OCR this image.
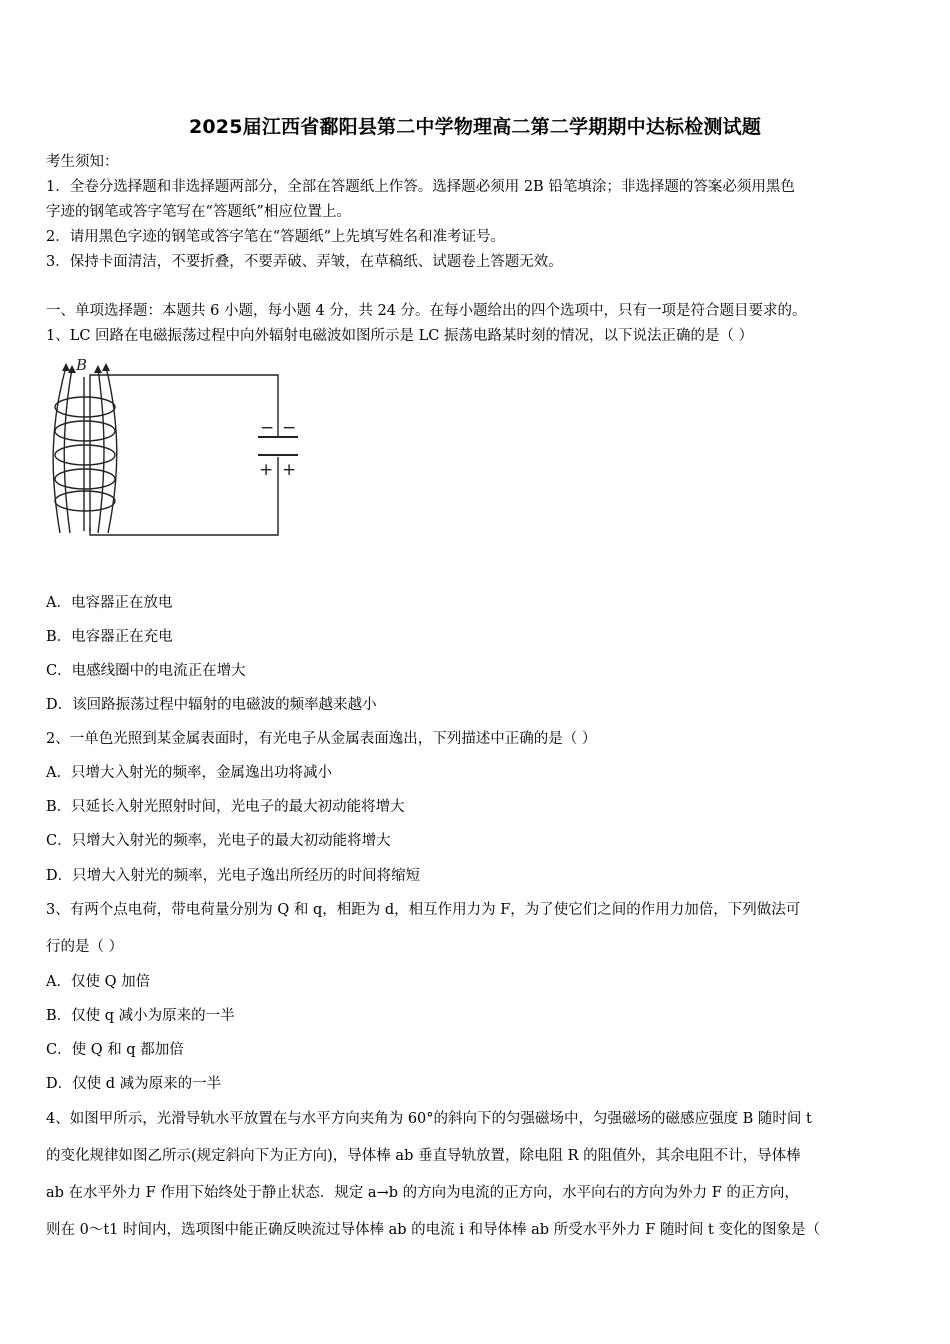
2025届江西省鄱阳县第二中学物理高二第二学期期中达标检测试题
考生须知：
1．全卷分选择题和非选择题两部分，全部在答题纸上作答。选择题必须用 2B 铅笔填涂；非选择题的答案必须用黑色
字迹的钢笔或答字笔写在“答题纸”相应位置上。
2．请用黑色字迹的钢笔或答字笔在“答题纸”上先填写姓名和准考证号。
3．保持卡面清洁，不要折叠，不要弄破、弄皱，在草稿纸、试题卷上答题无效。
一、单项选择题：本题共 6 小题，每小题 4 分，共 24 分。在每小题给出的四个选项中，只有一项是符合题目要求的。
1、LC 回路在电磁振荡过程中向外辐射电磁波如图所示是 LC 振荡电路某时刻的情况，以下说法正确的是（ ）
− −
+ +
B
A．电容器正在放电
B．电容器正在充电
C．电感线圈中的电流正在增大
D．该回路振荡过程中辐射的电磁波的频率越来越小
2、一单色光照到某金属表面时，有光电子从金属表面逸出，下列描述中正确的是（ ）
A．只增大入射光的频率，金属逸出功将减小
B．只延长入射光照射时间，光电子的最大初动能将增大
C．只增大入射光的频率，光电子的最大初动能将增大
D．只增大入射光的频率，光电子逸出所经历的时间将缩短
3、有两个点电荷，带电荷量分别为 Q 和 q，相距为 d，相互作用力为 F，为了使它们之间的作用力加倍，下列做法可
行的是（ ）
A．仅使 Q 加倍
B．仅使 q 减小为原来的一半
C．使 Q 和 q 都加倍
D．仅使 d 减为原来的一半
4、如图甲所示，光滑导轨水平放置在与水平方向夹角为 60°的斜向下的匀强磁场中，匀强磁场的磁感应强度 B 随时间 t
的变化规律如图乙所示(规定斜向下为正方向)，导体棒 ab 垂直导轨放置，除电阻 R 的阻值外，其余电阻不计，导体棒
ab 在水平外力 F 作用下始终处于静止状态．规定 a→b 的方向为电流的正方向，水平向右的方向为外力 F 的正方向，
则在 0～t1 时间内，选项图中能正确反映流过导体棒 ab 的电流 i 和导体棒 ab 所受水平外力 F 随时间 t 变化的图象是（
